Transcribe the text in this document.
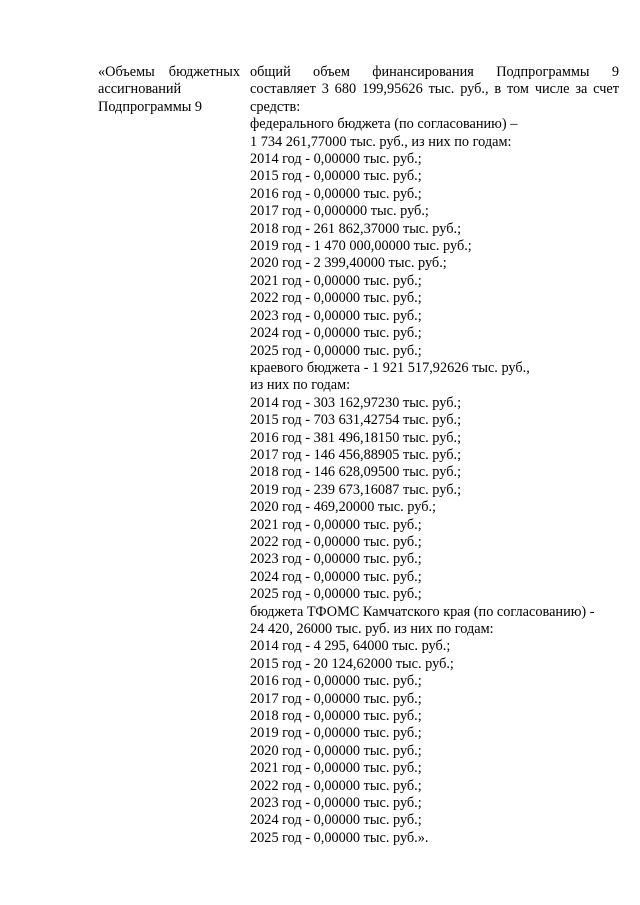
«Объемы бюджетных
ассигнований
Подпрограммы 9
общий объем финансирования Подпрограммы 9
составляет 3 680 199,95626 тыс. руб., в том числе за счет
средств:
федерального бюджета (по согласованию) –
1 734 261,77000 тыс. руб., из них по годам:
2014 год - 0,00000 тыс. руб.;
2015 год - 0,00000 тыс. руб.;
2016 год - 0,00000 тыс. руб.;
2017 год - 0,000000 тыс. руб.;
2018 год - 261 862,37000 тыс. руб.;
2019 год - 1 470 000,00000 тыс. руб.;
2020 год - 2 399,40000 тыс. руб.;
2021 год - 0,00000 тыс. руб.;
2022 год - 0,00000 тыс. руб.;
2023 год - 0,00000 тыс. руб.;
2024 год - 0,00000 тыс. руб.;
2025 год - 0,00000 тыс. руб.;
краевого бюджета - 1 921 517,92626 тыс. руб.,
из них по годам:
2014 год - 303 162,97230 тыс. руб.;
2015 год - 703 631,42754 тыс. руб.;
2016 год - 381 496,18150 тыс. руб.;
2017 год - 146 456,88905 тыс. руб.;
2018 год - 146 628,09500 тыс. руб.;
2019 год - 239 673,16087 тыс. руб.;
2020 год - 469,20000 тыс. руб.;
2021 год - 0,00000 тыс. руб.;
2022 год - 0,00000 тыс. руб.;
2023 год - 0,00000 тыс. руб.;
2024 год - 0,00000 тыс. руб.;
2025 год - 0,00000 тыс. руб.;
бюджета ТФОМС Камчатского края (по согласованию) -
24 420, 26000 тыс. руб. из них по годам:
2014 год - 4 295, 64000 тыс. руб.;
2015 год - 20 124,62000 тыс. руб.;
2016 год - 0,00000 тыс. руб.;
2017 год - 0,00000 тыс. руб.;
2018 год - 0,00000 тыс. руб.;
2019 год - 0,00000 тыс. руб.;
2020 год - 0,00000 тыс. руб.;
2021 год - 0,00000 тыс. руб.;
2022 год - 0,00000 тыс. руб.;
2023 год - 0,00000 тыс. руб.;
2024 год - 0,00000 тыс. руб.;
2025 год - 0,00000 тыс. руб.».
